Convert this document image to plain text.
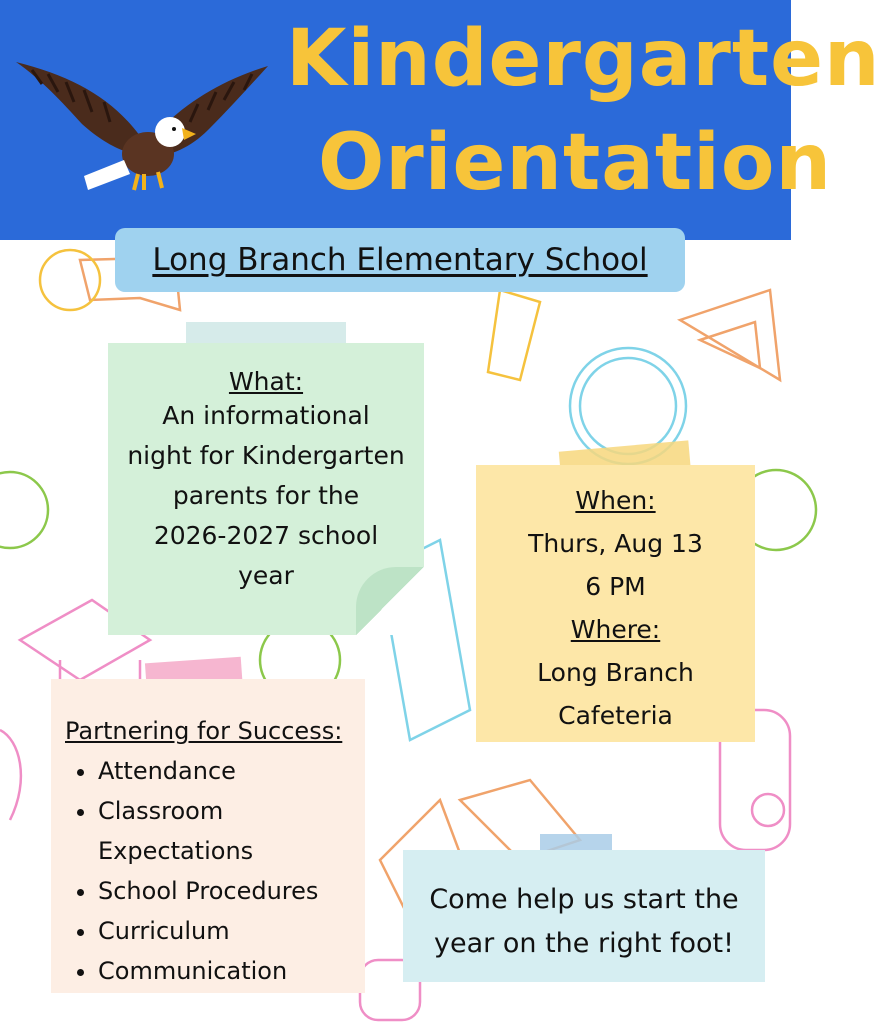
Kindergarten
Orientation
Long Branch Elementary School
What:
An informational
night for Kindergarten
parents for the
2026-2027 school
year
When:
Thurs, Aug 13
6 PM
Where:
Long Branch
Cafeteria
Partnering for Success:
• Attendance
• Classroom Expectations
• School Procedures
• Curriculum
• Communication
Come help us start the
year on the right foot!
